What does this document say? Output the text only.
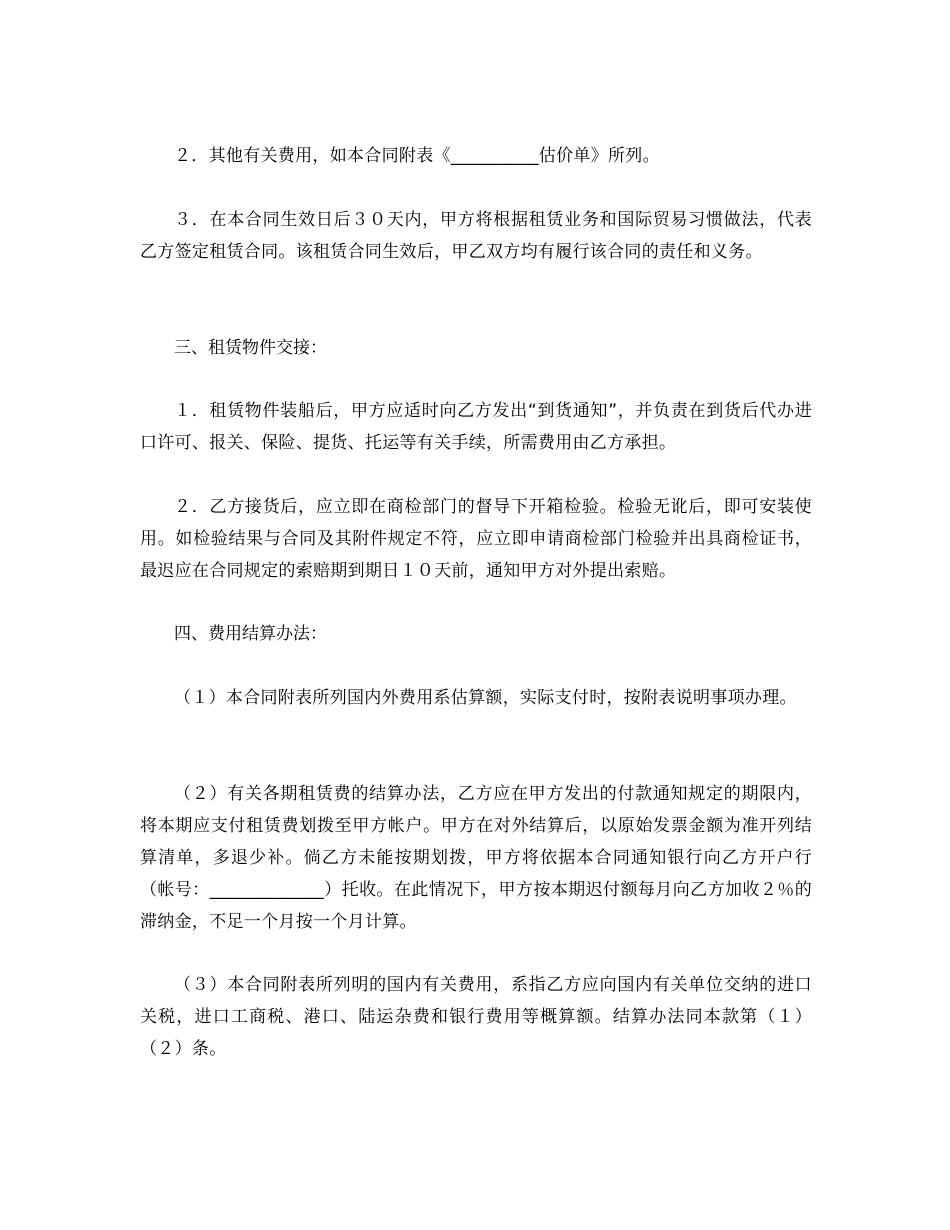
２．其他有关费用，如本合同附表《__________估价单》所列。

３．在本合同生效日后３０天内，甲方将根据租赁业务和国际贸易习惯做法，代表乙方签定租赁合同。该租赁合同生效后，甲乙双方均有履行该合同的责任和义务。

三、租赁物件交接：

１．租赁物件装船后，甲方应适时向乙方发出“到货通知”，并负责在到货后代办进口许可、报关、保险、提货、托运等有关手续，所需费用由乙方承担。

２．乙方接货后，应立即在商检部门的督导下开箱检验。检验无讹后，即可安装使用。如检验结果与合同及其附件规定不符，应立即申请商检部门检验并出具商检证书，最迟应在合同规定的索赔期到期日１０天前，通知甲方对外提出索赔。

四、费用结算办法：

（１）本合同附表所列国内外费用系估算额，实际支付时，按附表说明事项办理。

（２）有关各期租赁费的结算办法，乙方应在甲方发出的付款通知规定的期限内，将本期应支付租赁费划拨至甲方帐户。甲方在对外结算后，以原始发票金额为准开列结算清单，多退少补。倘乙方未能按期划拨，甲方将依据本合同通知银行向乙方开户行（帐号：_____________）托收。在此情况下，甲方按本期迟付额每月向乙方加收２％的滞纳金，不足一个月按一个月计算。

（３）本合同附表所列明的国内有关费用，系指乙方应向国内有关单位交纳的进口关税，进口工商税、港口、陆运杂费和银行费用等概算额。结算办法同本款第（１）（２）条。
